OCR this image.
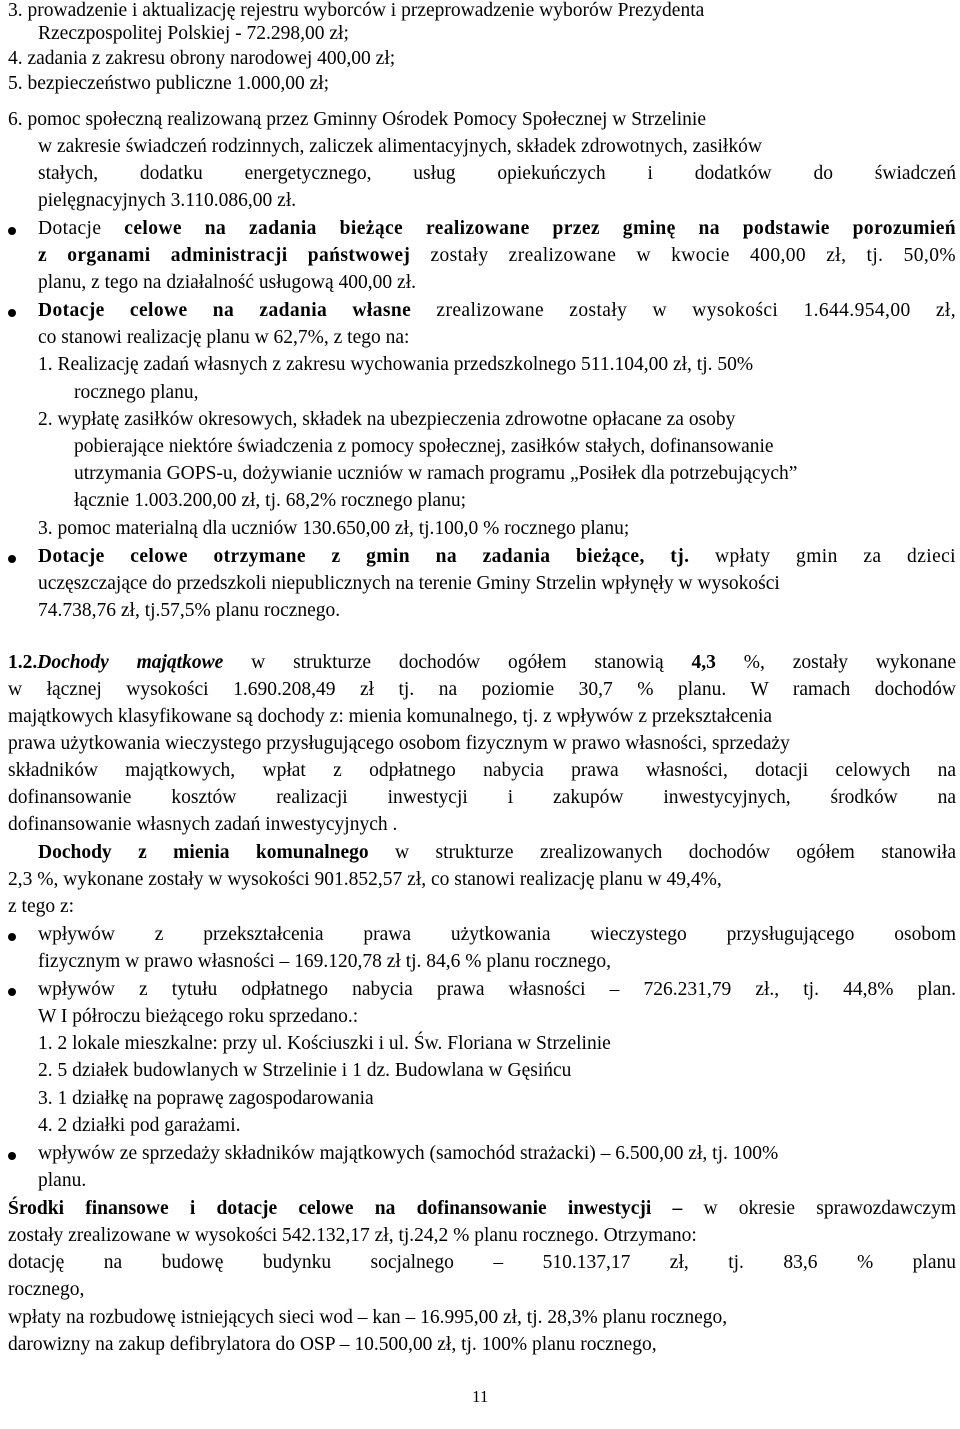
3. prowadzenie i aktualizację rejestru wyborców i przeprowadzenie wyborów Prezydenta
Rzeczpospolitej Polskiej - 72.298,00 zł;
4. zadania z zakresu obrony narodowej 400,00 zł;
5. bezpieczeństwo publiczne 1.000,00 zł;
6. pomoc społeczną realizowaną przez Gminny Ośrodek Pomocy Społecznej w Strzelinie
w zakresie świadczeń rodzinnych, zaliczek alimentacyjnych, składek zdrowotnych, zasiłków
stałych, dodatku energetycznego, usług opiekuńczych i dodatków do świadczeń
pielęgnacyjnych 3.110.086,00 zł.
Dotacje celowe na zadania bieżące realizowane przez gminę na podstawie porozumień
z organami administracji państwowej zostały zrealizowane w kwocie 400,00 zł, tj. 50,0%
planu, z tego na działalność usługową 400,00 zł.
Dotacje celowe na zadania własne zrealizowane zostały w wysokości 1.644.954,00 zł,
co stanowi realizację planu w 62,7%, z tego na:
1. Realizację zadań własnych z zakresu wychowania przedszkolnego 511.104,00 zł, tj. 50%
rocznego planu,
2. wypłatę zasiłków okresowych, składek na ubezpieczenia zdrowotne opłacane za osoby
pobierające niektóre świadczenia z pomocy społecznej, zasiłków stałych, dofinansowanie
utrzymania GOPS-u, dożywianie uczniów w ramach programu „Posiłek dla potrzebujących”
łącznie 1.003.200,00 zł, tj. 68,2% rocznego planu;
3. pomoc materialną dla uczniów 130.650,00 zł, tj.100,0 % rocznego planu;
Dotacje celowe otrzymane z gmin na zadania bieżące, tj. wpłaty gmin za dzieci
uczęszczające do przedszkoli niepublicznych na terenie Gminy Strzelin wpłynęły w wysokości
74.738,76 zł, tj.57,5% planu rocznego.
1.2.Dochody majątkowe w strukturze dochodów ogółem stanowią 4,3 %, zostały wykonane
w łącznej wysokości 1.690.208,49 zł tj. na poziomie 30,7 % planu. W ramach dochodów
majątkowych klasyfikowane są dochody z: mienia komunalnego, tj. z wpływów z przekształcenia
prawa użytkowania wieczystego przysługującego osobom fizycznym w prawo własności, sprzedaży
składników majątkowych, wpłat z odpłatnego nabycia prawa własności, dotacji celowych na
dofinansowanie kosztów realizacji inwestycji i zakupów inwestycyjnych, środków na
dofinansowanie własnych zadań inwestycyjnych .
Dochody z mienia komunalnego w strukturze zrealizowanych dochodów ogółem stanowiła
2,3 %, wykonane zostały w wysokości 901.852,57 zł, co stanowi realizację planu w 49,4%,
z tego z:
wpływów z przekształcenia prawa użytkowania wieczystego przysługującego osobom
fizycznym w prawo własności – 169.120,78 zł tj. 84,6 % planu rocznego,
wpływów z tytułu odpłatnego nabycia prawa własności – 726.231,79 zł., tj. 44,8% plan.
W I półroczu bieżącego roku sprzedano.:
1. 2 lokale mieszkalne: przy ul. Kościuszki i ul. Św. Floriana w Strzelinie
2. 5 działek budowlanych w Strzelinie i 1 dz. Budowlana w Gęsińcu
3. 1 działkę na poprawę zagospodarowania
4. 2 działki pod garażami.
wpływów ze sprzedaży składników majątkowych (samochód strażacki) – 6.500,00 zł, tj. 100%
planu.
Środki finansowe i dotacje celowe na dofinansowanie inwestycji – w okresie sprawozdawczym
zostały zrealizowane w wysokości 542.132,17 zł, tj.24,2 % planu rocznego. Otrzymano:
dotację na budowę budynku socjalnego – 510.137,17 zł, tj. 83,6 % planu
rocznego,
wpłaty na rozbudowę istniejących sieci wod – kan – 16.995,00 zł, tj. 28,3% planu rocznego,
darowizny na zakup defibrylatora do OSP – 10.500,00 zł, tj. 100% planu rocznego,
11
